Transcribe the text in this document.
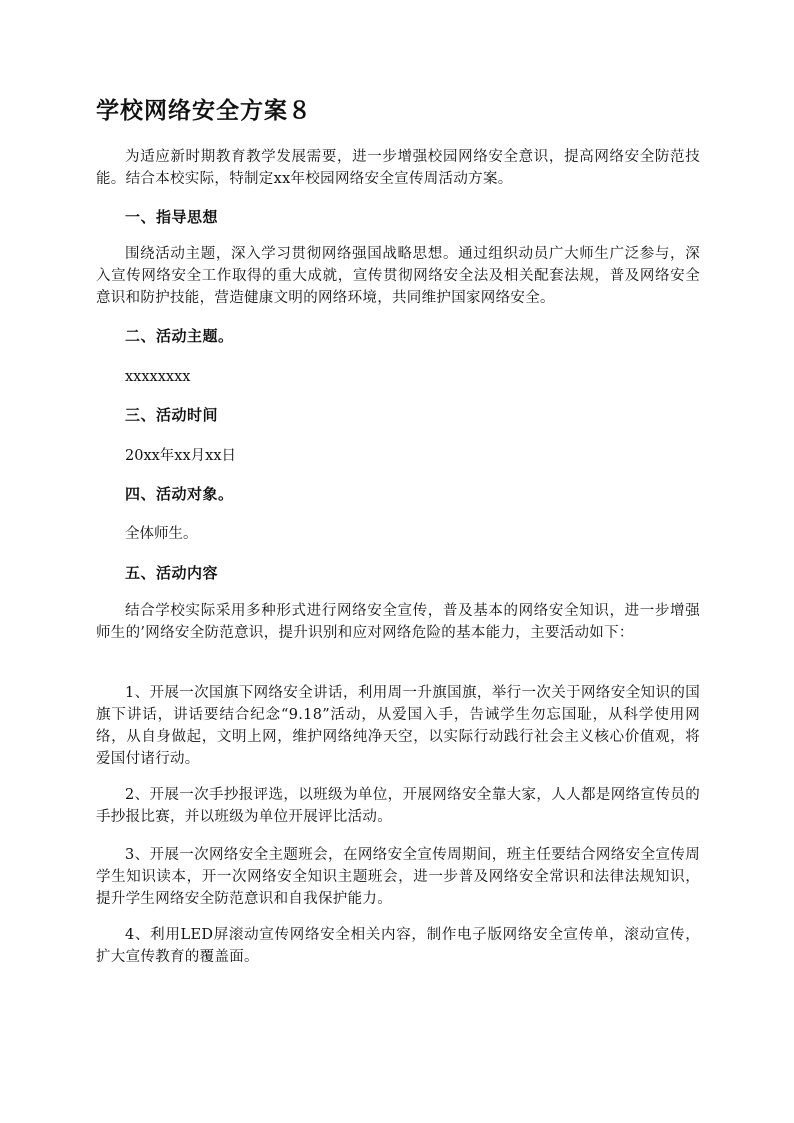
学校网络安全方案８

为适应新时期教育教学发展需要，进一步增强校园网络安全意识，提高网络安全防范技能。结合本校实际，特制定xx年校园网络安全宣传周活动方案。

一、指导思想

围绕活动主题，深入学习贯彻网络强国战略思想。通过组织动员广大师生广泛参与，深入宣传网络安全工作取得的重大成就，宣传贯彻网络安全法及相关配套法规，普及网络安全意识和防护技能，营造健康文明的网络环境，共同维护国家网络安全。

二、活动主题。

xxxxxxxx

三、活动时间

20xx年xx月xx日

四、活动对象。

全体师生。

五、活动内容

结合学校实际采用多种形式进行网络安全宣传，普及基本的网络安全知识，进一步增强师生的’网络安全防范意识，提升识别和应对网络危险的基本能力，主要活动如下：

1、开展一次国旗下网络安全讲话，利用周一升旗国旗，举行一次关于网络安全知识的国旗下讲话，讲话要结合纪念“9.18”活动，从爱国入手，告诫学生勿忘国耻，从科学使用网络，从自身做起，文明上网，维护网络纯净天空，以实际行动践行社会主义核心价值观，将爱国付诸行动。

2、开展一次手抄报评选，以班级为单位，开展网络安全靠大家，人人都是网络宣传员的手抄报比赛，并以班级为单位开展评比活动。

3、开展一次网络安全主题班会，在网络安全宣传周期间，班主任要结合网络安全宣传周学生知识读本，开一次网络安全知识主题班会，进一步普及网络安全常识和法律法规知识，提升学生网络安全防范意识和自我保护能力。

4、利用LED屏滚动宣传网络安全相关内容，制作电子版网络安全宣传单，滚动宣传，扩大宣传教育的覆盖面。
